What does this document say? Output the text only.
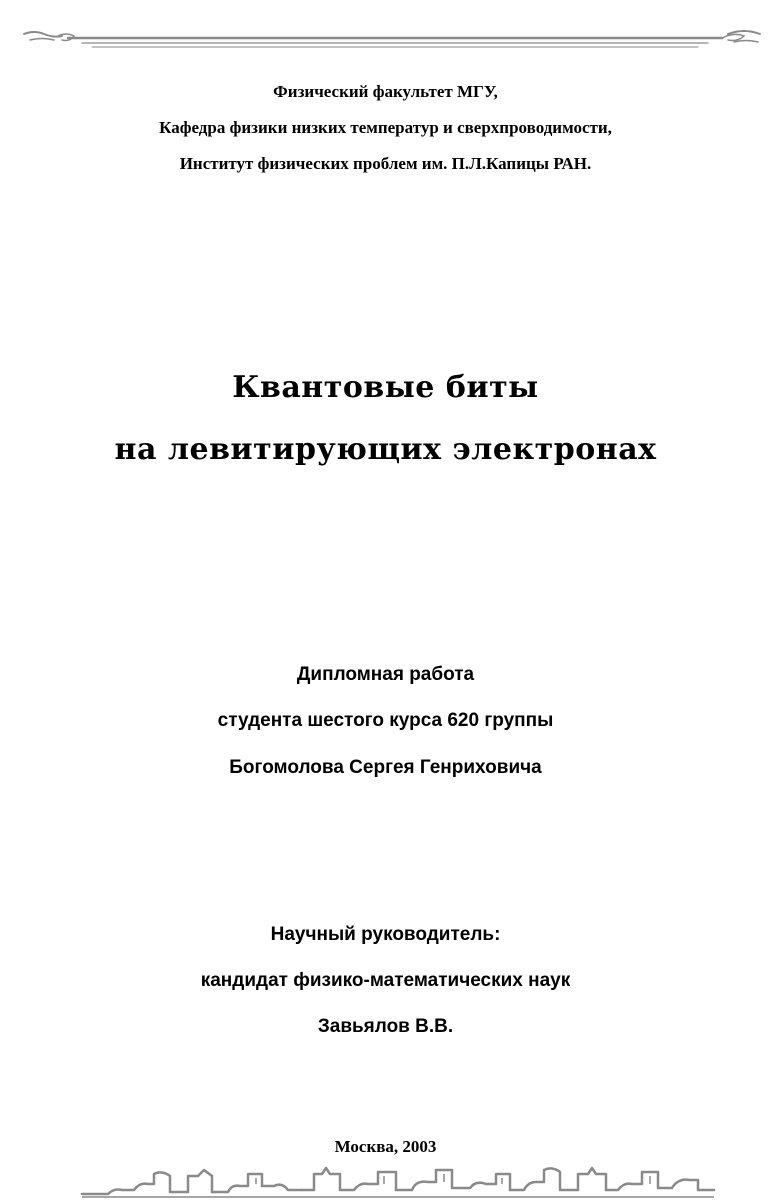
Физический факультет МГУ,
Кафедра физики низких температур и сверхпроводимости,
Институт физических проблем им. П.Л.Капицы РАН.
Квантовые биты
на левитирующих электронах
Дипломная работа
студента шестого курса 620 группы
Богомолова Сергея Генриховича
Научный руководитель:
кандидат физико-математических наук
Завьялов В.В.
Москва, 2003
